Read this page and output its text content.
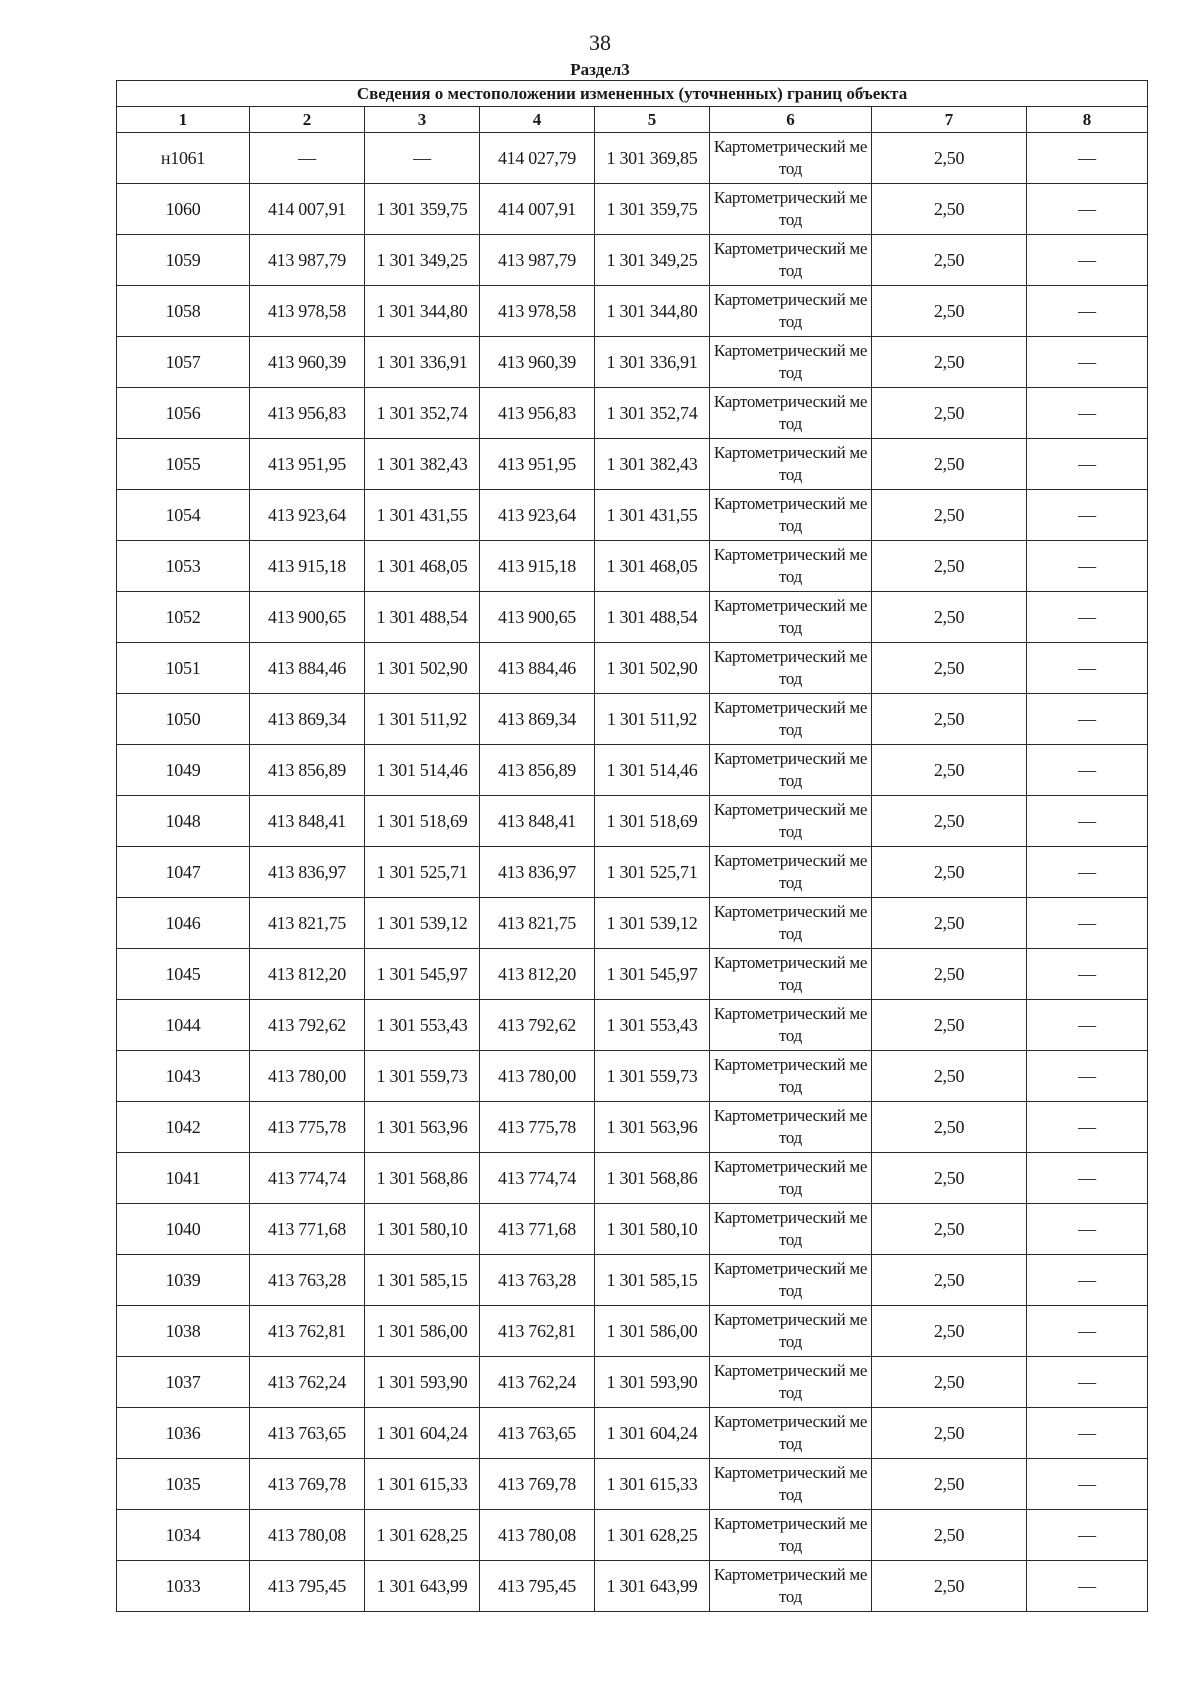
38
Раздел3
Сведения о местоположении измененных (уточненных) границ объекта							
1	2	3	4	5	6	7	8
н1061	—	—	414 027,79	1 301 369,85	Картометрический метод	2,50	—
1060	414 007,91	1 301 359,75	414 007,91	1 301 359,75	Картометрический метод	2,50	—
1059	413 987,79	1 301 349,25	413 987,79	1 301 349,25	Картометрический метод	2,50	—
1058	413 978,58	1 301 344,80	413 978,58	1 301 344,80	Картометрический метод	2,50	—
1057	413 960,39	1 301 336,91	413 960,39	1 301 336,91	Картометрический метод	2,50	—
1056	413 956,83	1 301 352,74	413 956,83	1 301 352,74	Картометрический метод	2,50	—
1055	413 951,95	1 301 382,43	413 951,95	1 301 382,43	Картометрический метод	2,50	—
1054	413 923,64	1 301 431,55	413 923,64	1 301 431,55	Картометрический метод	2,50	—
1053	413 915,18	1 301 468,05	413 915,18	1 301 468,05	Картометрический метод	2,50	—
1052	413 900,65	1 301 488,54	413 900,65	1 301 488,54	Картометрический метод	2,50	—
1051	413 884,46	1 301 502,90	413 884,46	1 301 502,90	Картометрический метод	2,50	—
1050	413 869,34	1 301 511,92	413 869,34	1 301 511,92	Картометрический метод	2,50	—
1049	413 856,89	1 301 514,46	413 856,89	1 301 514,46	Картометрический метод	2,50	—
1048	413 848,41	1 301 518,69	413 848,41	1 301 518,69	Картометрический метод	2,50	—
1047	413 836,97	1 301 525,71	413 836,97	1 301 525,71	Картометрический метод	2,50	—
1046	413 821,75	1 301 539,12	413 821,75	1 301 539,12	Картометрический метод	2,50	—
1045	413 812,20	1 301 545,97	413 812,20	1 301 545,97	Картометрический метод	2,50	—
1044	413 792,62	1 301 553,43	413 792,62	1 301 553,43	Картометрический метод	2,50	—
1043	413 780,00	1 301 559,73	413 780,00	1 301 559,73	Картометрический метод	2,50	—
1042	413 775,78	1 301 563,96	413 775,78	1 301 563,96	Картометрический метод	2,50	—
1041	413 774,74	1 301 568,86	413 774,74	1 301 568,86	Картометрический метод	2,50	—
1040	413 771,68	1 301 580,10	413 771,68	1 301 580,10	Картометрический метод	2,50	—
1039	413 763,28	1 301 585,15	413 763,28	1 301 585,15	Картометрический метод	2,50	—
1038	413 762,81	1 301 586,00	413 762,81	1 301 586,00	Картометрический метод	2,50	—
1037	413 762,24	1 301 593,90	413 762,24	1 301 593,90	Картометрический метод	2,50	—
1036	413 763,65	1 301 604,24	413 763,65	1 301 604,24	Картометрический метод	2,50	—
1035	413 769,78	1 301 615,33	413 769,78	1 301 615,33	Картометрический метод	2,50	—
1034	413 780,08	1 301 628,25	413 780,08	1 301 628,25	Картометрический метод	2,50	—
1033	413 795,45	1 301 643,99	413 795,45	1 301 643,99	Картометрический метод	2,50	—
